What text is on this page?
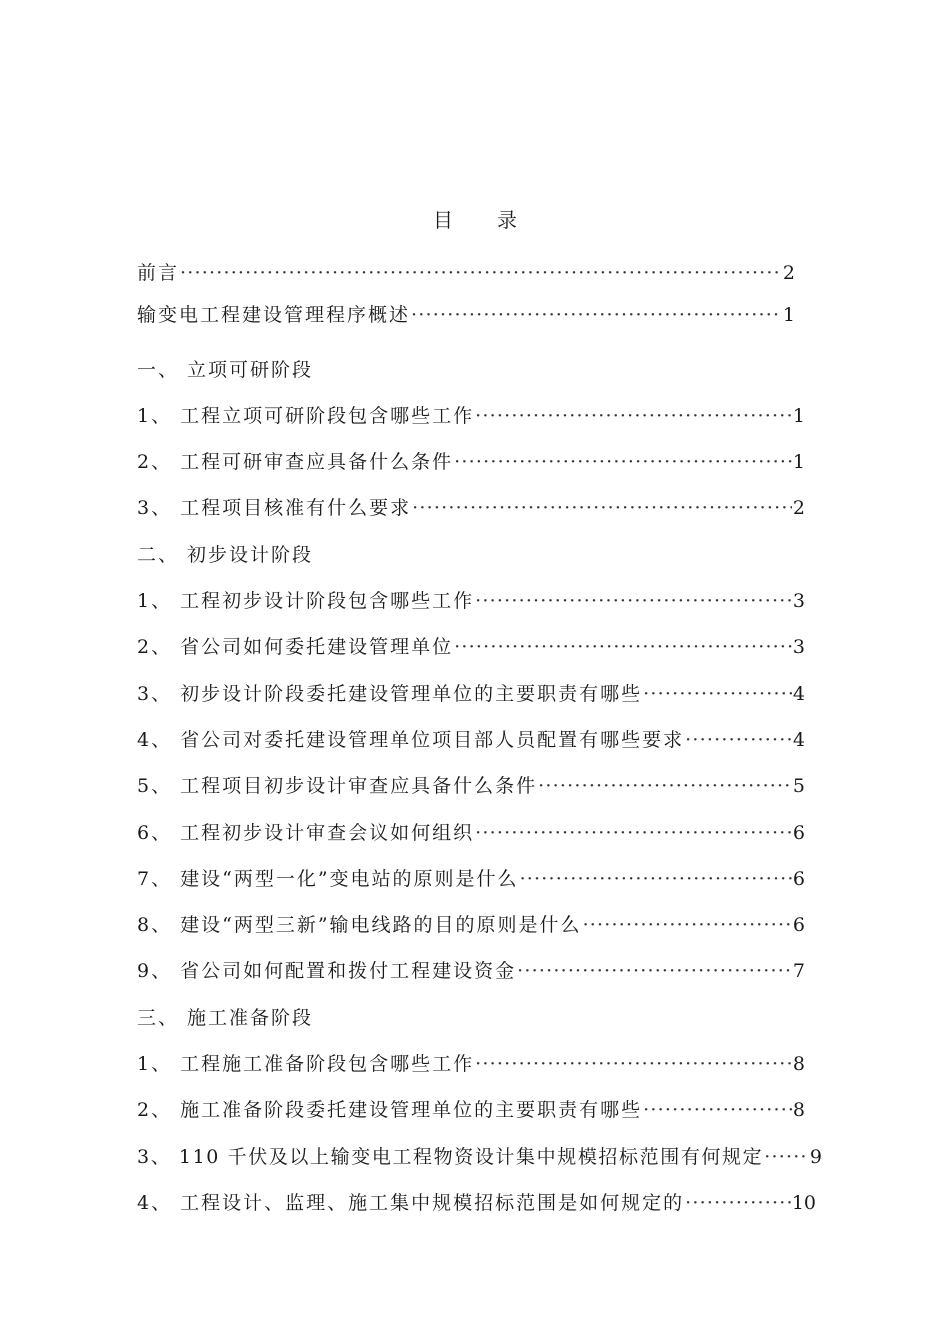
目 录
前言 ·····	2
输变电工程建设管理程序概述 ·····	1
一、 立项可研阶段
1、 工程立项可研阶段包含哪些工作 ·····	1
2、 工程可研审查应具备什么条件 ·····	1
3、 工程项目核准有什么要求 ·····	2
二、 初步设计阶段
1、 工程初步设计阶段包含哪些工作 ·····	3
2、 省公司如何委托建设管理单位 ·····	3
3、 初步设计阶段委托建设管理单位的主要职责有哪些 ·····	4
4、 省公司对委托建设管理单位项目部人员配置有哪些要求 ·····	4
5、 工程项目初步设计审查应具备什么条件 ·····	5
6、 工程初步设计审查会议如何组织 ·····	6
7、 建设“两型一化”变电站的原则是什么 ·····	6
8、 建设“两型三新”输电线路的目的原则是什么 ·····	6
9、 省公司如何配置和拨付工程建设资金 ·····	7
三、 施工准备阶段
1、 工程施工准备阶段包含哪些工作 ·····	8
2、 施工准备阶段委托建设管理单位的主要职责有哪些 ·····	8
3、 110 千伏及以上输变电工程物资设计集中规模招标范围有何规定 ····· 9
4、 工程设计、监理、施工集中规模招标范围是如何规定的 ·····	10
